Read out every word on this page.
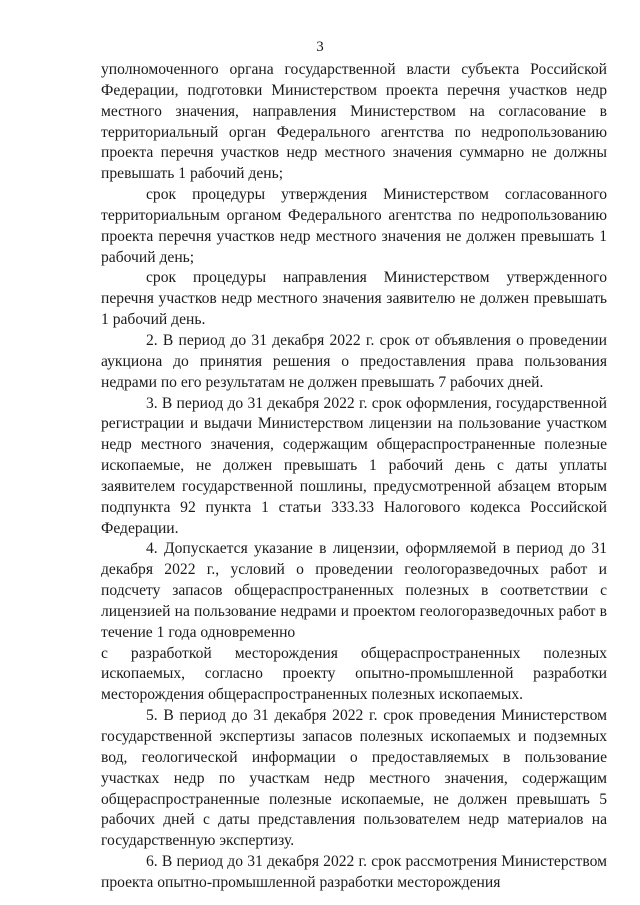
3

уполномоченного органа государственной власти субъекта Российской Федерации, подготовки Министерством проекта перечня участков недр местного значения, направления Министерством на согласование в территориальный орган Федерального агентства по недропользованию проекта перечня участков недр местного значения суммарно не должны превышать 1 рабочий день;

срок процедуры утверждения Министерством согласованного территориальным органом Федерального агентства по недропользованию проекта перечня участков недр местного значения не должен превышать 1 рабочий день;

срок процедуры направления Министерством утвержденного перечня участков недр местного значения заявителю не должен превышать 1 рабочий день.

2. В период до 31 декабря 2022 г. срок от объявления о проведении аукциона до принятия решения о предоставления права пользования недрами по его результатам не должен превышать 7 рабочих дней.

3. В период до 31 декабря 2022 г. срок оформления, государственной регистрации и выдачи Министерством лицензии на пользование участком недр местного значения, содержащим общераспространенные полезные ископаемые, не должен превышать 1 рабочий день с даты уплаты заявителем государственной пошлины, предусмотренной абзацем вторым подпункта 92 пункта 1 статьи 333.33 Налогового кодекса Российской Федерации.

4. Допускается указание в лицензии, оформляемой в период до 31 декабря 2022 г., условий о проведении геологоразведочных работ и подсчету запасов общераспространенных полезных в соответствии с лицензией на пользование недрами и проектом геологоразведочных работ в течение 1 года одновременно

с разработкой месторождения общераспространенных полезных ископаемых, согласно проекту опытно-промышленной разработки месторождения общераспространенных полезных ископаемых.

5. В период до 31 декабря 2022 г. срок проведения Министерством государственной экспертизы запасов полезных ископаемых и подземных вод, геологической информации о предоставляемых в пользование участках недр по участкам недр местного значения, содержащим общераспространенные полезные ископаемые, не должен превышать 5 рабочих дней с даты представления пользователем недр материалов на государственную экспертизу.

6. В период до 31 декабря 2022 г. срок рассмотрения Министерством проекта опытно-промышленной разработки месторождения
